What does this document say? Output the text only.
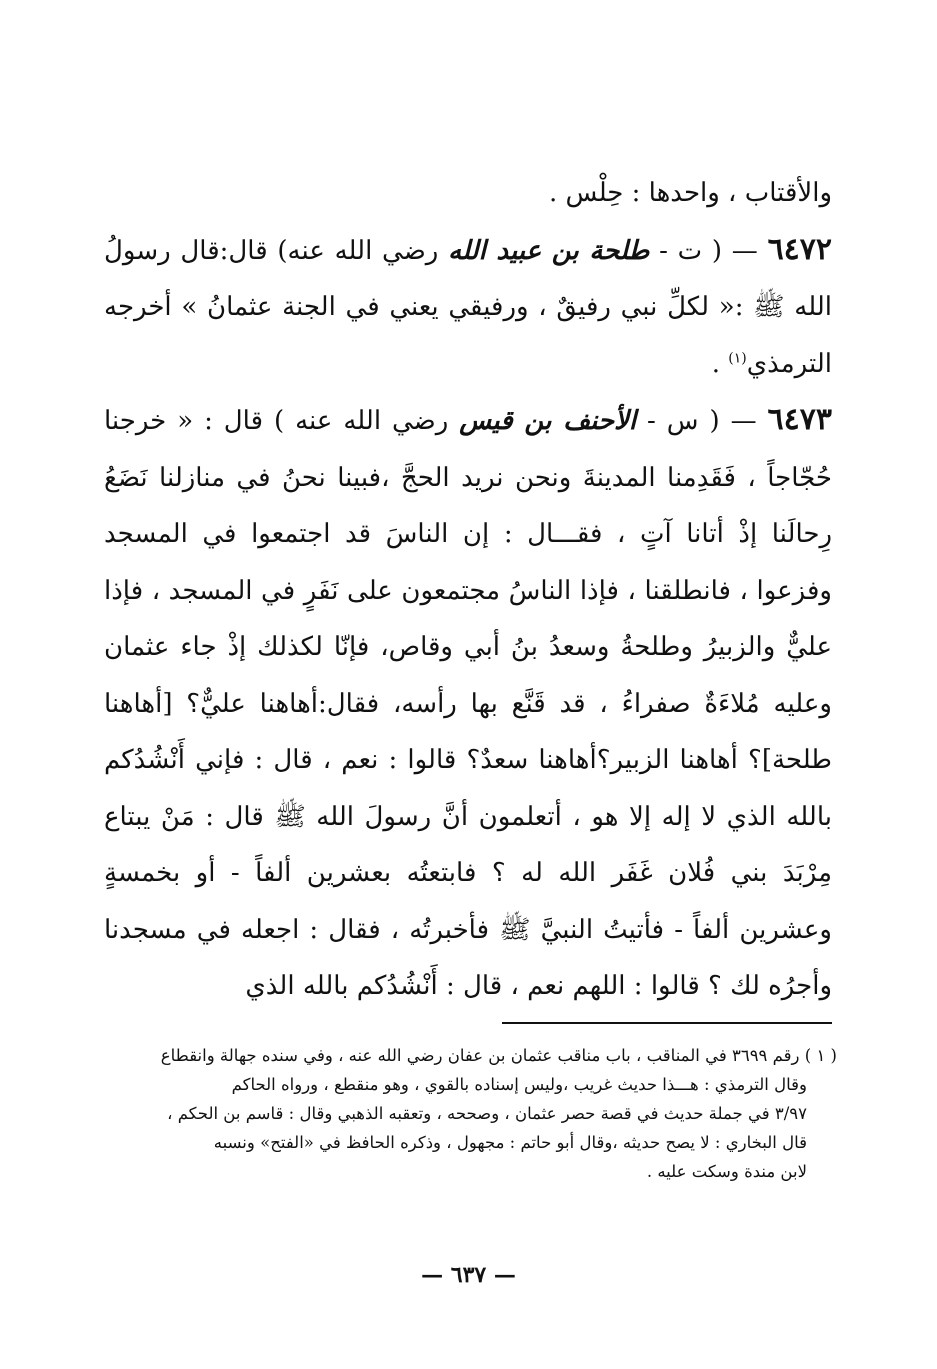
والأقتاب ، واحدها : حِلْس .

٦٤٧٢ — ( ت - طلحة بن عبيد الله رضي الله عنه) قال:قال رسولُ الله ﷺ :« لكلِّ نبي رفيقٌ ، ورفيقي يعني في الجنة عثمانُ » أخرجه الترمذي$^{(١)}$ .

٦٤٧٣ — ( س - الأحنف بن قيس رضي الله عنه ) قال : « خرجنا حُجّاجاً ، فَقَدِمنا المدينةَ ونحن نريد الحجَّ ،فبينا نحنُ في منازلنا نَضَعُ رِحالَنا إذْ أتانا آتٍ ، فقـــال : إن الناسَ قد اجتمعوا في المسجد وفزعوا ، فانطلقنا ، فإذا الناسُ مجتمعون على نَفَرٍ في المسجد ، فإذا عليٌّ والزبيرُ وطلحةُ وسعدُ بنُ أبي وقاص، فإنّا لكذلك إذْ جاء عثمان وعليه مُلاءَةٌ صفراءُ ، قد قَنَّع بها رأسه، فقال:أهاهنا عليٌّ؟ [أهاهنا طلحة]؟ أهاهنا الزبير؟أهاهنا سعدٌ؟ قالوا : نعم ، قال : فإني أَنْشُدُكم بالله الذي لا إله إلا هو ، أتعلمون أنَّ رسولَ الله ﷺ قال : مَنْ يبتاع مِرْبَدَ بني فُلان غَفَر الله له ؟ فابتعتُه بعشرين ألفاً - أو بخمسةٍ وعشرين ألفاً - فأتيتُ النبيَّ ﷺ فأخبرتُه ، فقال : اجعله في مسجدنا وأجرُه لك ؟ قالوا : اللهم نعم ، قال : أَنْشُدُكم بالله الذي

( ١ ) رقم ٣٦٩٩ في المناقب ، باب مناقب عثمان بن عفان رضي الله عنه ، وفي سنده جهالة وانقطاع

وقال الترمذي : هـــذا حديث غريب ،وليس إسناده بالقوي ، وهو منقطع ، ورواه الحاكم

٣/٩٧ في جملة حديث في قصة حصر عثمان ، وصححه ، وتعقبه الذهبي وقال : قاسم بن الحكم ،

قال البخاري : لا يصح حديثه ،وقال أبو حاتم : مجهول ، وذكره الحافظ في «الفتح» ونسبه

لابن مندة وسكت عليه .

— ٦٣٧ —
